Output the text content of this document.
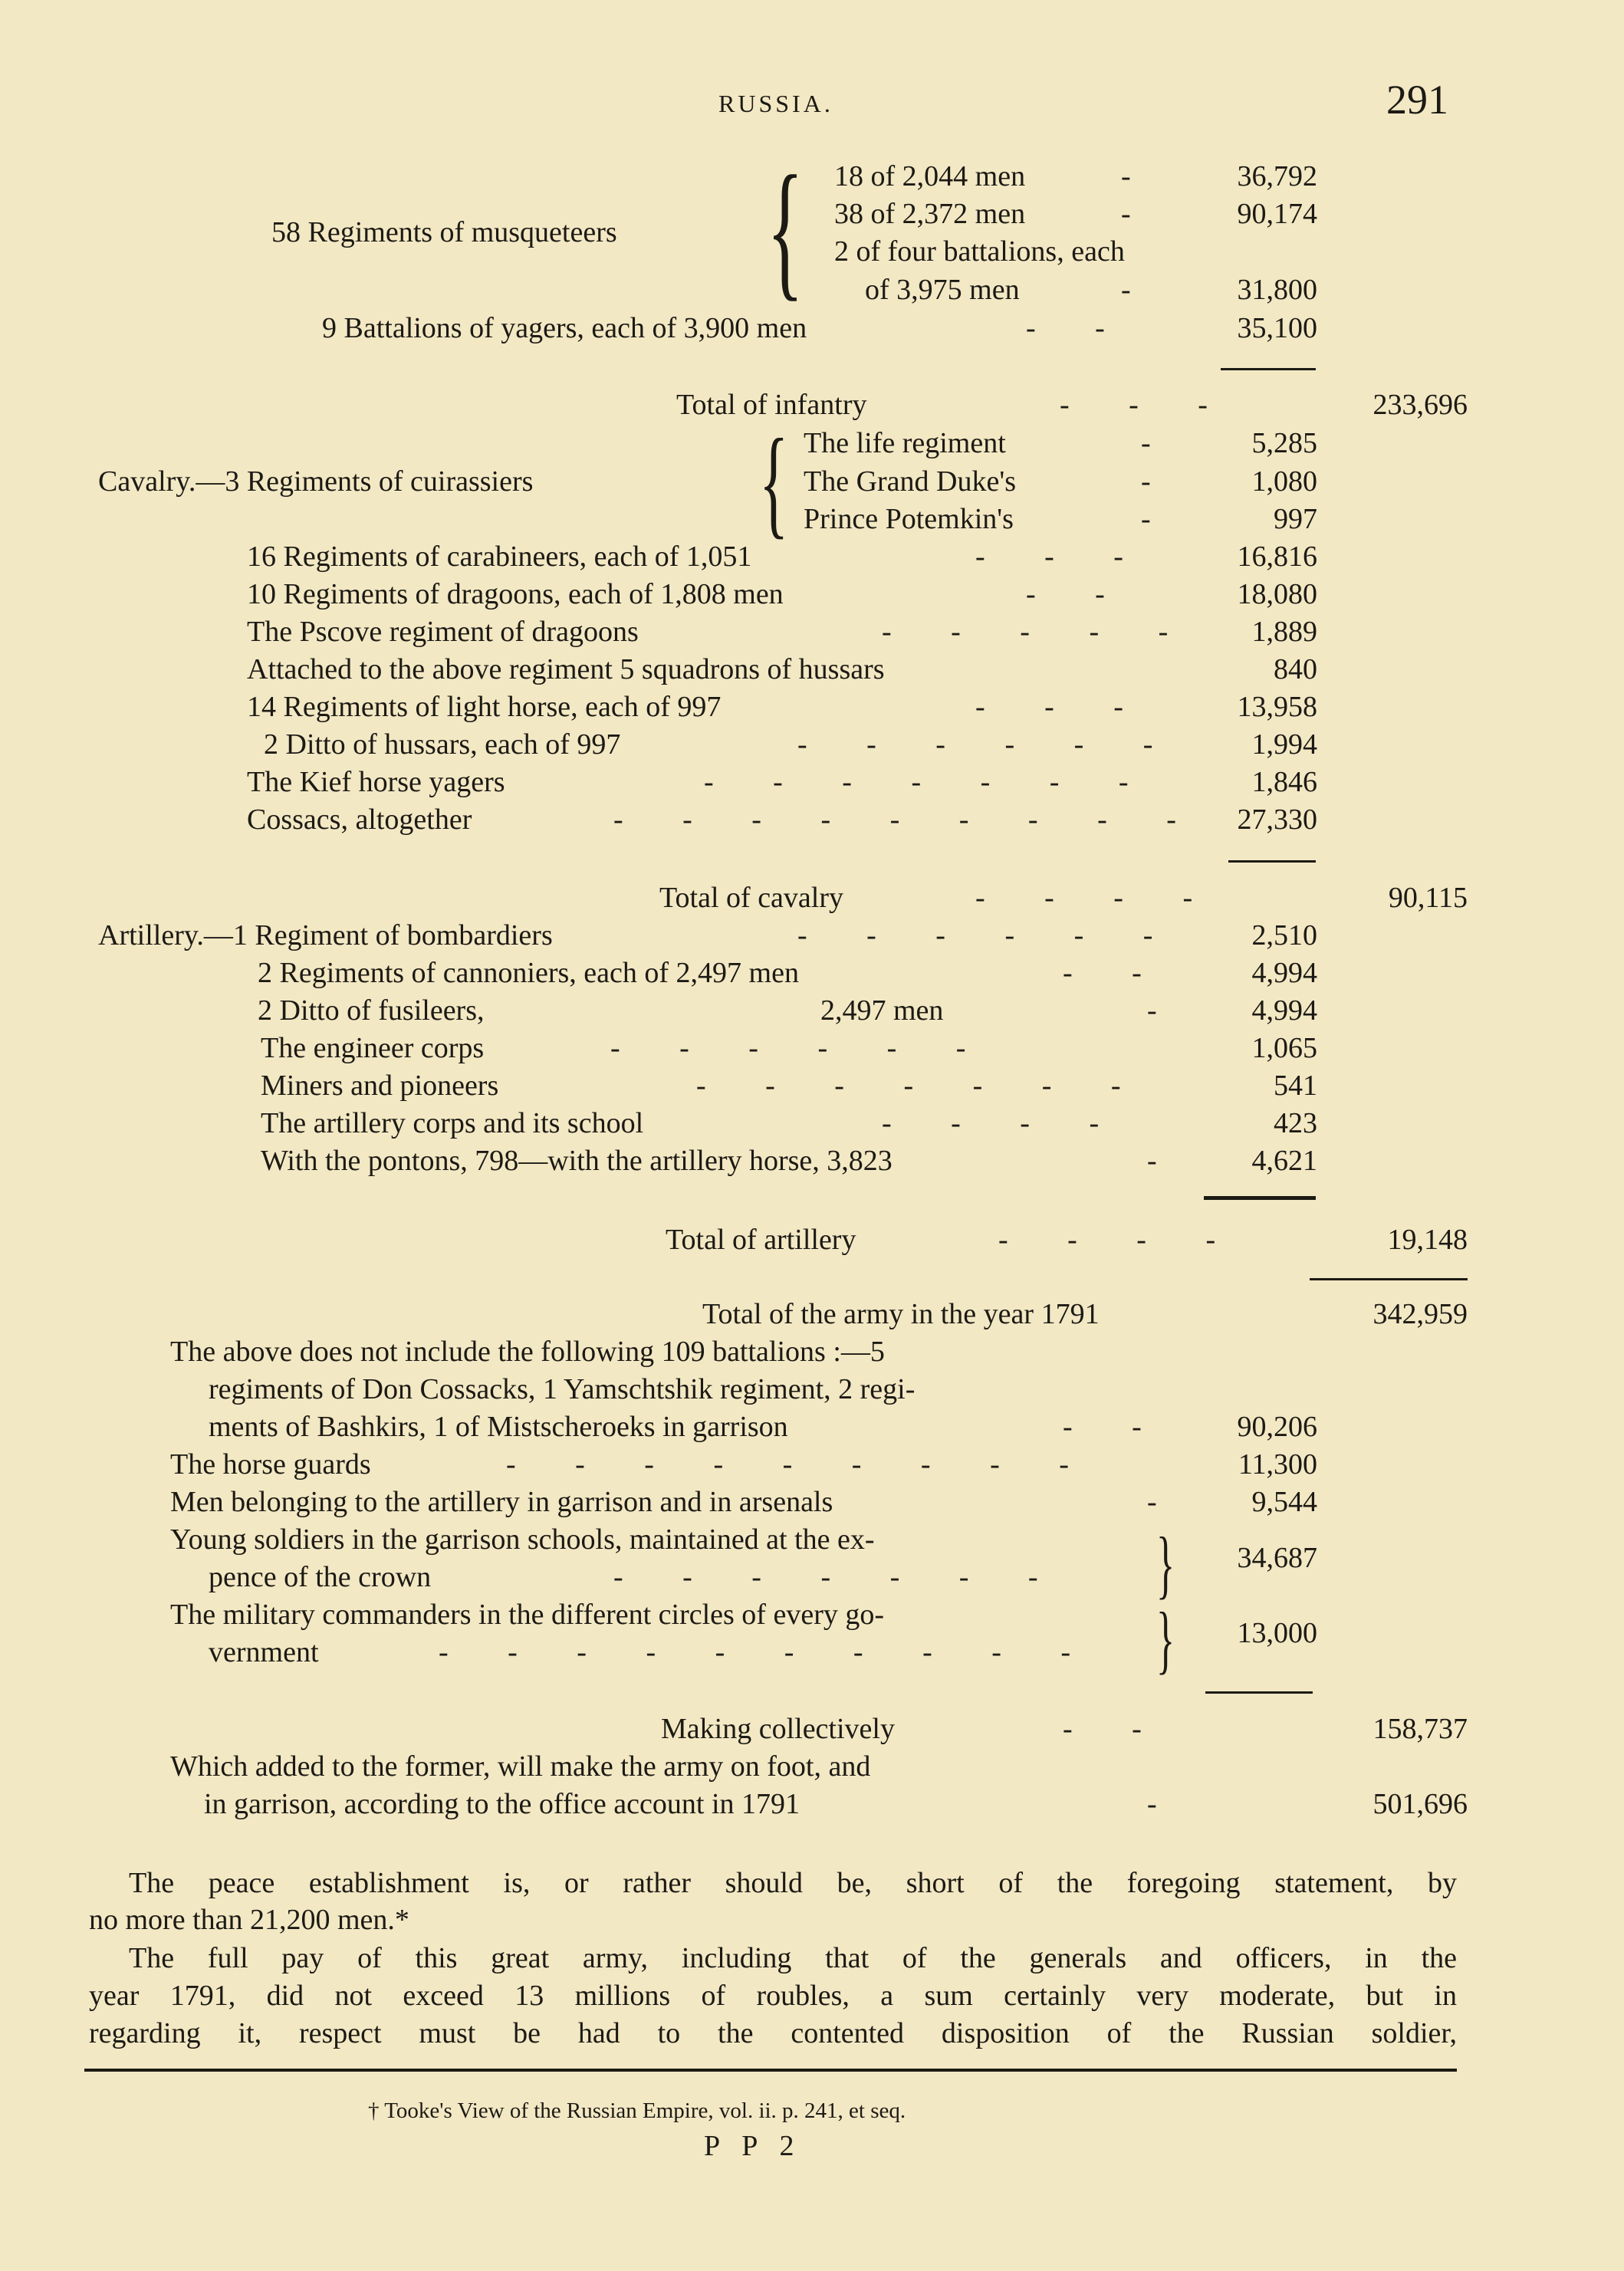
RUSSIA.	291
58 Regiments of musqueteers { 18 of 2,044 men	-	36,792
38 of 2,372 men	-	90,174
2 of four battalions, each
of 3,975 men	-	31,800
9 Battalions of yagers, each of 3,900 men	- -	35,100
Total of infantry	- - -	233,696
Cavalry.—3 Regiments of cuirassiers { The life regiment	-	5,285
The Grand Duke's	-	1,080
Prince Potemkin's	-	997
16 Regiments of carabineers, each of 1,051	- - -	16,816
10 Regiments of dragoons, each of 1,808 men	- -	18,080
The Pscove regiment of dragoons	- - - - -	1,889
Attached to the above regiment 5 squadrons of hussars	840
14 Regiments of light horse, each of 997	- - -	13,958
2 Ditto of hussars, each of 997	- - - - - -	1,994
The Kief horse yagers	- - - - - - -	1,846
Cossacs, altogether	- - - - - - - - -	27,330
Total of cavalry	- - - -	90,115
Artillery.—1 Regiment of bombardiers	- - - - - -	2,510
2 Regiments of cannoniers, each of 2,497 men	- -	4,994
2 Ditto of fusileers,	2,497 men	-	4,994
The engineer corps	- - - - - -	1,065
Miners and pioneers	- - - - - - -	541
The artillery corps and its school	- - - -	423
With the pontons, 798—with the artillery horse, 3,823	-	4,621
Total of artillery	- - - -	19,148
Total of the army in the year 1791	342,959
The above does not include the following 109 battalions :—5
regiments of Don Cossacks, 1 Yamschtshik regiment, 2 regi-
ments of Bashkirs, 1 of Mistscheroeks in garrison	- -	90,206
The horse guards	- - - - - - - - -	11,300
Men belonging to the artillery in garrison and in arsenals	-	9,544
Young soldiers in the garrison schools, maintained at the ex-
pence of the crown	- - - - - - - }	34,687
The military commanders in the different circles of every go-
vernment	- - - - - - - - - - }	13,000
Making collectively	- -	158,737
Which added to the former, will make the army on foot, and
in garrison, according to the office account in 1791	-	501,696
The peace establishment is, or rather should be, short of the foregoing statement, by
no more than 21,200 men.*
The full pay of this great army, including that of the generals and officers, in the
year 1791, did not exceed 13 millions of roubles, a sum certainly very moderate, but in
regarding it, respect must be had to the contented disposition of the Russian soldier,
† Tooke's View of the Russian Empire, vol. ii. p. 241, et seq.
P P 2
